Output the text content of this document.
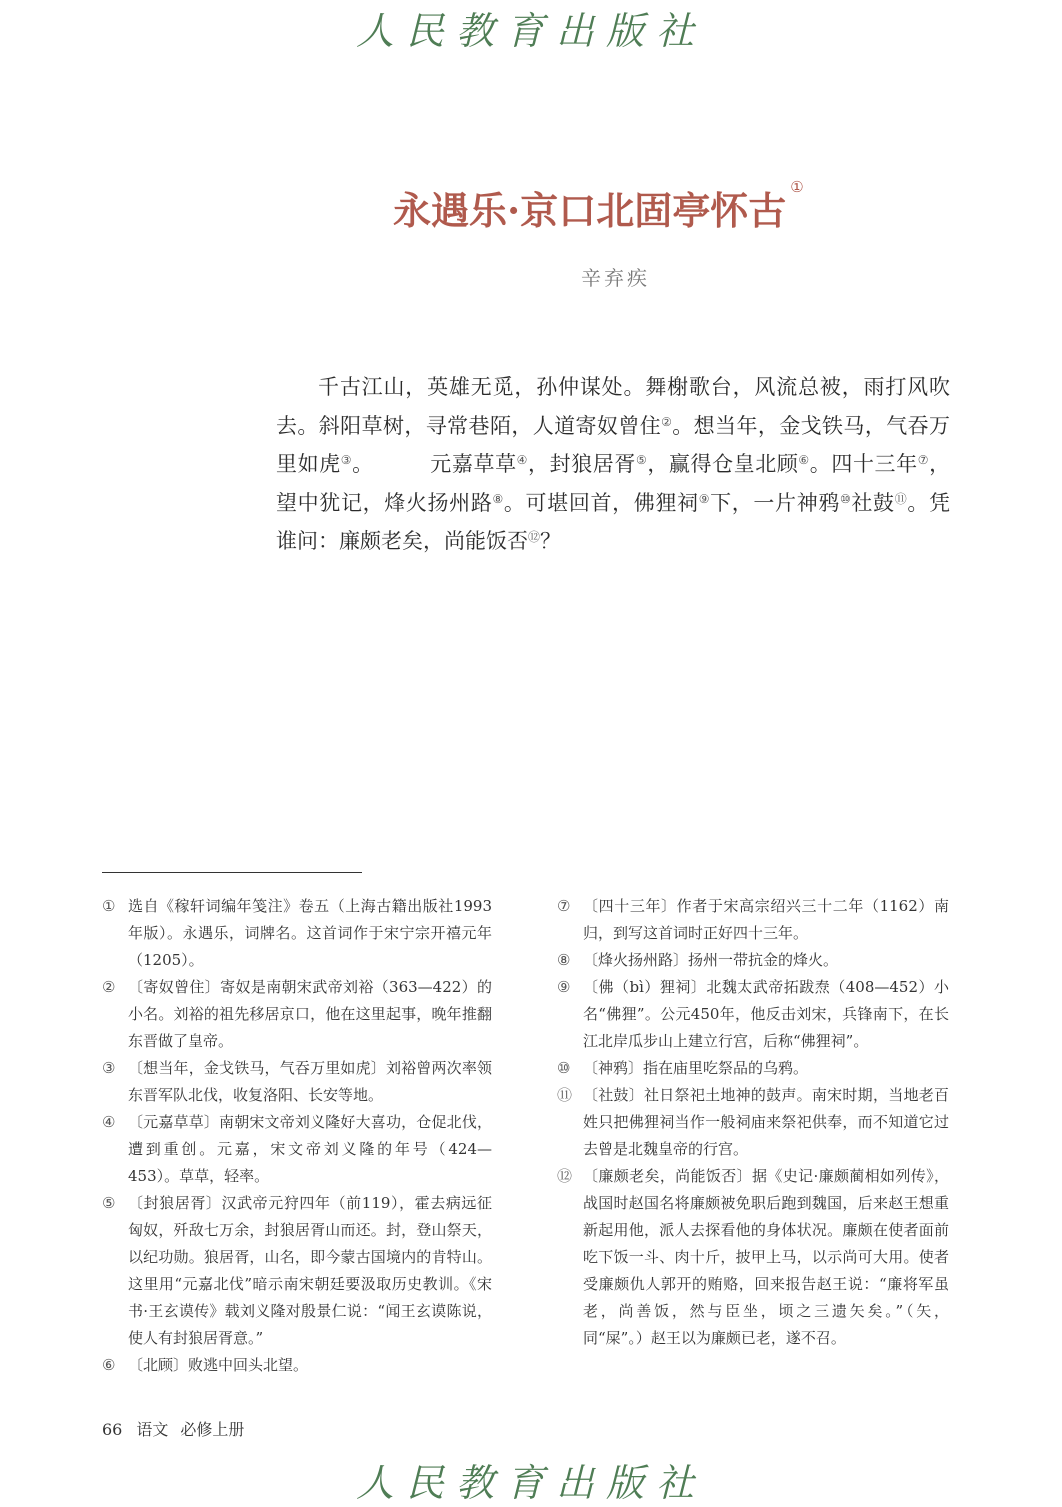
人民教育出版社
永遇乐·京口北固亭怀古①
辛弃疾
千古江山，英雄无觅，孙仲谋处。舞榭歌台，风流总被，雨打风吹去。斜阳草树，寻常巷陌，人道寄奴曾住②。想当年，金戈铁马，气吞万里如虎③。	元嘉草草④，封狼居胥⑤，赢得仓皇北顾⑥。四十三年⑦，望中犹记，烽火扬州路⑧。可堪回首，佛狸祠⑨下，一片神鸦⑩社鼓⑪。凭谁问：廉颇老矣，尚能饭否⑫？
① 选自《稼轩词编年笺注》卷五（上海古籍出版社1993年版）。永遇乐，词牌名。这首词作于宋宁宗开禧元年（1205）。
② 〔寄奴曾住〕寄奴是南朝宋武帝刘裕（363—422）的小名。刘裕的祖先移居京口，他在这里起事，晚年推翻东晋做了皇帝。
③ 〔想当年，金戈铁马，气吞万里如虎〕刘裕曾两次率领东晋军队北伐，收复洛阳、长安等地。
④ 〔元嘉草草〕南朝宋文帝刘义隆好大喜功，仓促北伐，遭到重创。元嘉，宋文帝刘义隆的年号（424—453）。草草，轻率。
⑤ 〔封狼居胥〕汉武帝元狩四年（前119），霍去病远征匈奴，歼敌七万余，封狼居胥山而还。封，登山祭天，以纪功勋。狼居胥，山名，即今蒙古国境内的肯特山。这里用“元嘉北伐”暗示南宋朝廷要汲取历史教训。《宋书·王玄谟传》载刘义隆对殷景仁说：“闻王玄谟陈说，使人有封狼居胥意。”
⑥ 〔北顾〕败逃中回头北望。
⑦ 〔四十三年〕作者于宋高宗绍兴三十二年（1162）南归，到写这首词时正好四十三年。
⑧ 〔烽火扬州路〕扬州一带抗金的烽火。
⑨ 〔佛（bì）狸祠〕北魏太武帝拓跋焘（408—452）小名“佛狸”。公元450年，他反击刘宋，兵锋南下，在长江北岸瓜步山上建立行宫，后称“佛狸祠”。
⑩ 〔神鸦〕指在庙里吃祭品的乌鸦。
⑪ 〔社鼓〕社日祭祀土地神的鼓声。南宋时期，当地老百姓只把佛狸祠当作一般祠庙来祭祀供奉，而不知道它过去曾是北魏皇帝的行宫。
⑫ 〔廉颇老矣，尚能饭否〕据《史记·廉颇蔺相如列传》，战国时赵国名将廉颇被免职后跑到魏国，后来赵王想重新起用他，派人去探看他的身体状况。廉颇在使者面前吃下饭一斗、肉十斤，披甲上马，以示尚可大用。使者受廉颇仇人郭开的贿赂，回来报告赵王说：“廉将军虽老，尚善饭，然与臣坐，顷之三遗矢矣。”（矢，同“屎”。）赵王以为廉颇已老，遂不召。
66 语文 必修上册
人民教育出版社
